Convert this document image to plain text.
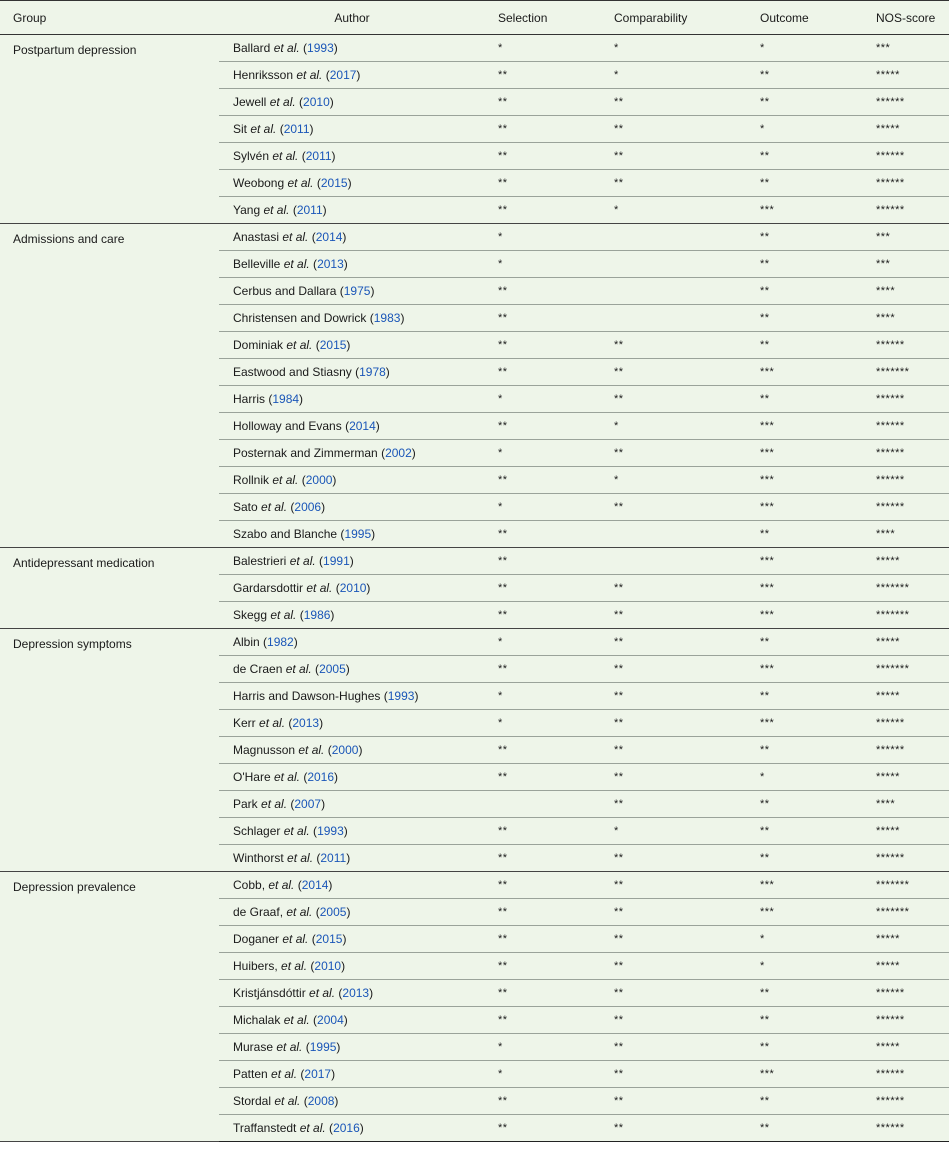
Group	Author	Selection	Comparability	Outcome	NOS-score
Postpartum depression	Ballard et al. (1993)	*	*	*	***
	Henriksson et al. (2017)	**	*	**	*****
	Jewell et al. (2010)	**	**	**	******
	Sit et al. (2011)	**	**	*	*****
	Sylvén et al. (2011)	**	**	**	******
	Weobong et al. (2015)	**	**	**	******
	Yang et al. (2011)	**	*	***	******
Admissions and care	Anastasi et al. (2014)	*		**	***
	Belleville et al. (2013)	*		**	***
	Cerbus and Dallara (1975)	**		**	****
	Christensen and Dowrick (1983)	**		**	****
	Dominiak et al. (2015)	**	**	**	******
	Eastwood and Stiasny (1978)	**	**	***	*******
	Harris (1984)	*	**	**	******
	Holloway and Evans (2014)	**	*	***	******
	Posternak and Zimmerman (2002)	*	**	***	******
	Rollnik et al. (2000)	**	*	***	******
	Sato et al. (2006)	*	**	***	******
	Szabo and Blanche (1995)	**		**	****
Antidepressant medication	Balestrieri et al. (1991)	**		***	*****
	Gardarsdottir et al. (2010)	**	**	***	*******
	Skegg et al. (1986)	**	**	***	*******
Depression symptoms	Albin (1982)	*	**	**	*****
	de Craen et al. (2005)	**	**	***	*******
	Harris and Dawson-Hughes (1993)	*	**	**	*****
	Kerr et al. (2013)	*	**	***	******
	Magnusson et al. (2000)	**	**	**	******
	O'Hare et al. (2016)	**	**	*	*****
	Park et al. (2007)		**	**	****
	Schlager et al. (1993)	**	*	**	*****
	Winthorst et al. (2011)	**	**	**	******
Depression prevalence	Cobb, et al. (2014)	**	**	***	*******
	de Graaf, et al. (2005)	**	**	***	*******
	Doganer et al. (2015)	**	**	*	*****
	Huibers, et al. (2010)	**	**	*	*****
	Kristjánsdóttir et al. (2013)	**	**	**	******
	Michalak et al. (2004)	**	**	**	******
	Murase et al. (1995)	*	**	**	*****
	Patten et al. (2017)	*	**	***	******
	Stordal et al. (2008)	**	**	**	******
	Traffanstedt et al. (2016)	**	**	**	******
